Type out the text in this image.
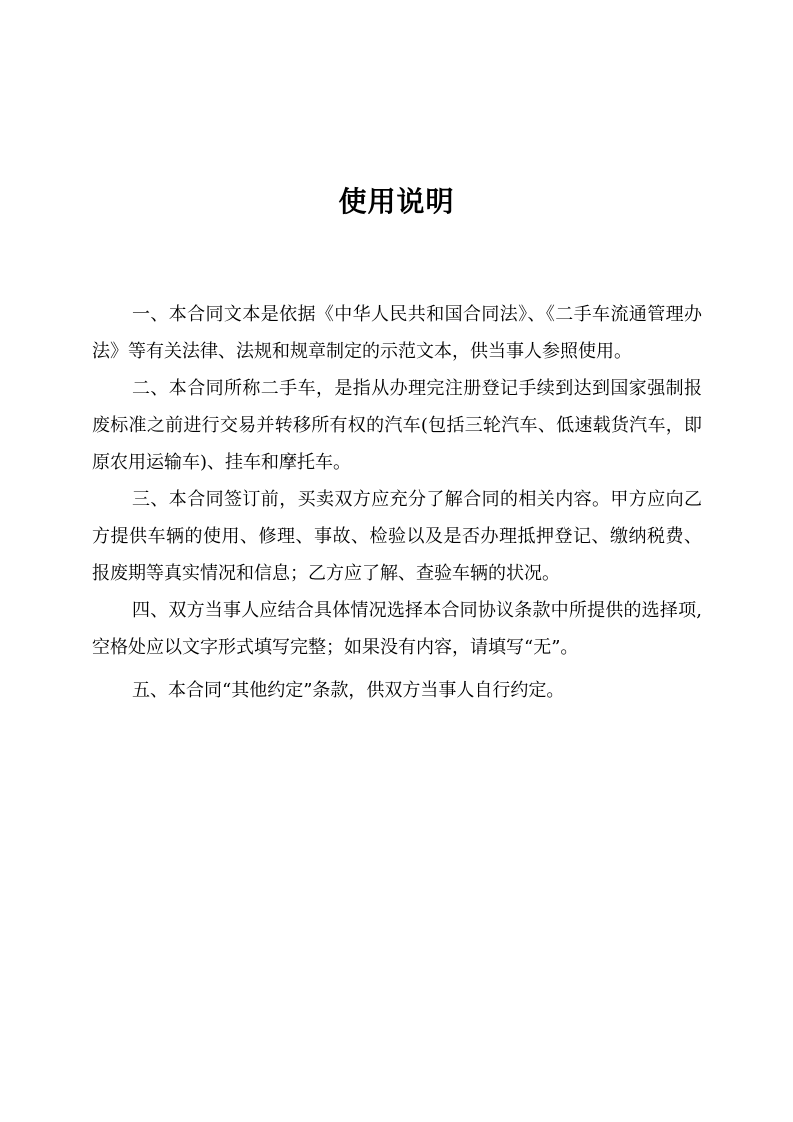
使用说明

一、本合同文本是依据《中华人民共和国合同法》、《二手车流通管理办法》等有关法律、法规和规章制定的示范文本，供当事人参照使用。

二、本合同所称二手车，是指从办理完注册登记手续到达到国家强制报废标准之前进行交易并转移所有权的汽车(包括三轮汽车、低速载货汽车，即原农用运输车)、挂车和摩托车。

三、本合同签订前，买卖双方应充分了解合同的相关内容。甲方应向乙方提供车辆的使用、修理、事故、检验以及是否办理抵押登记、缴纳税费、报废期等真实情况和信息；乙方应了解、查验车辆的状况。

四、双方当事人应结合具体情况选择本合同协议条款中所提供的选择项,空格处应以文字形式填写完整；如果没有内容，请填写“无”。

五、本合同“其他约定”条款，供双方当事人自行约定。
